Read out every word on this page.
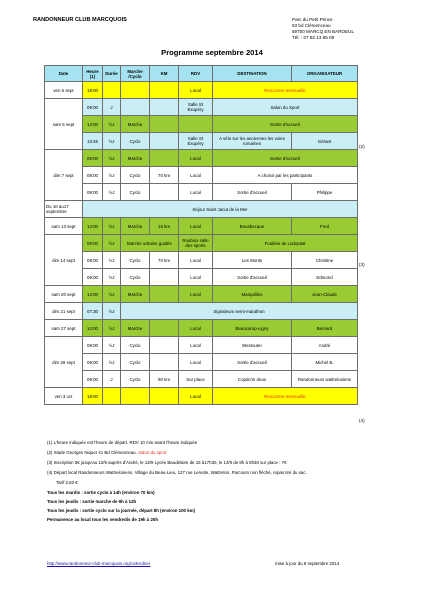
RANDONNEUR CLUB MARCQUOIS	Parc du Petit Prince
63 bd Clémenceau
59700 MARCQ EN BAROEUL
Tél. : 07 82 13 85 09
Programme septembre 2014
Date	Heure (1)	Durée	Marche /Cyclo	KM	RDV	DESTINATION	ORGANISATEUR
ven 5 sept	19:00				Local	Rencontre mensuelle	
sam 6 sept	09:00	J			Salle St Exupéry	Salon du Sport	
	14:00	½J	Marche			Sortie d'accueil	
	13:45	½J	Cyclo		Salle St Exupéry	A vélo sur les anciennes les voies romaines	Gérant
dim 7 sept	09:00	½J	Marche		Local	Sortie d'accueil	
	08:00	½J	Cyclo	70 km	Local	A choisir par les participants	
	09:00	½J	Cyclo		Local	Sortie d'accueil	Philippe
Du 10 au17 septembre	Séjour Saint Jacut de la Mer						
sam 13 sept	14:00	½J	Marche	15 km	Local	Bousbecque	Fred
dim 14 sept	09:00	½J	Marche urbaine guidée		Rouboix salle des sports	Foulées de Ludopital	
	08:00	½J	Cyclo	70 km	Local	Les Monts	Christine
	09:00	½J	Cyclo		Local	Sortie d'accueil	Edmond
sam 20 sept	14:00	½J	Marche		Local	Marquillies	Jean-Claude
dim 21 sept	07:30	½J	Signaleurs semi-marathon				
sam 27 sept	14:00	½J	Marche		Local	Beaucamp-Ligny	Bernard
dim 28 sept	08:00	½J	Cyclo		Local	Westouter	André
	09:00	½J	Cyclo		Local	Sortie d'accueil	Michel B.
	09:00	J	Cyclo	90 km	Sur place	Copdo'm deux	Randonneurs wattrelosiens
ven 3 oct	19:00				Local	Rencontre mensuelle	
(2)
(3)
(4)

(1) L'heure indiquée est l'heure de départ. RDV 10 min avant l'heure indiquée

(2) Stade Georges Niquet 41 Bd Clémenceau. Salon du sport

(3) Inscription 5€ jusqu'au 12/9 auprès d'André, le 13/9 Lycée Baudelaire de 15 à17h30, le 14/9 de 8h à 8h30 sur place : 7€

(4) Départ local Randonneurs Wattrelosiens, Village du Beau-Lieu, 127 rue Leruste, Wattrelos. Parcours non fléché, repas tiré du sac.

Tarif 2,50 €

Tous les mardis : sortie cyclo à 14h (environ 70 km)

Tous les jeudis : sortie marche de 9h à 12h

Tous les jeudis : sortie cyclo sur la journée, départ 8h (environ 100 km)

Permanence au local tous les vendredis de 19h à 20h

http://www.randonneur-club-marcquois.org/calendrier	mise à jour du 8 septembre 2014
